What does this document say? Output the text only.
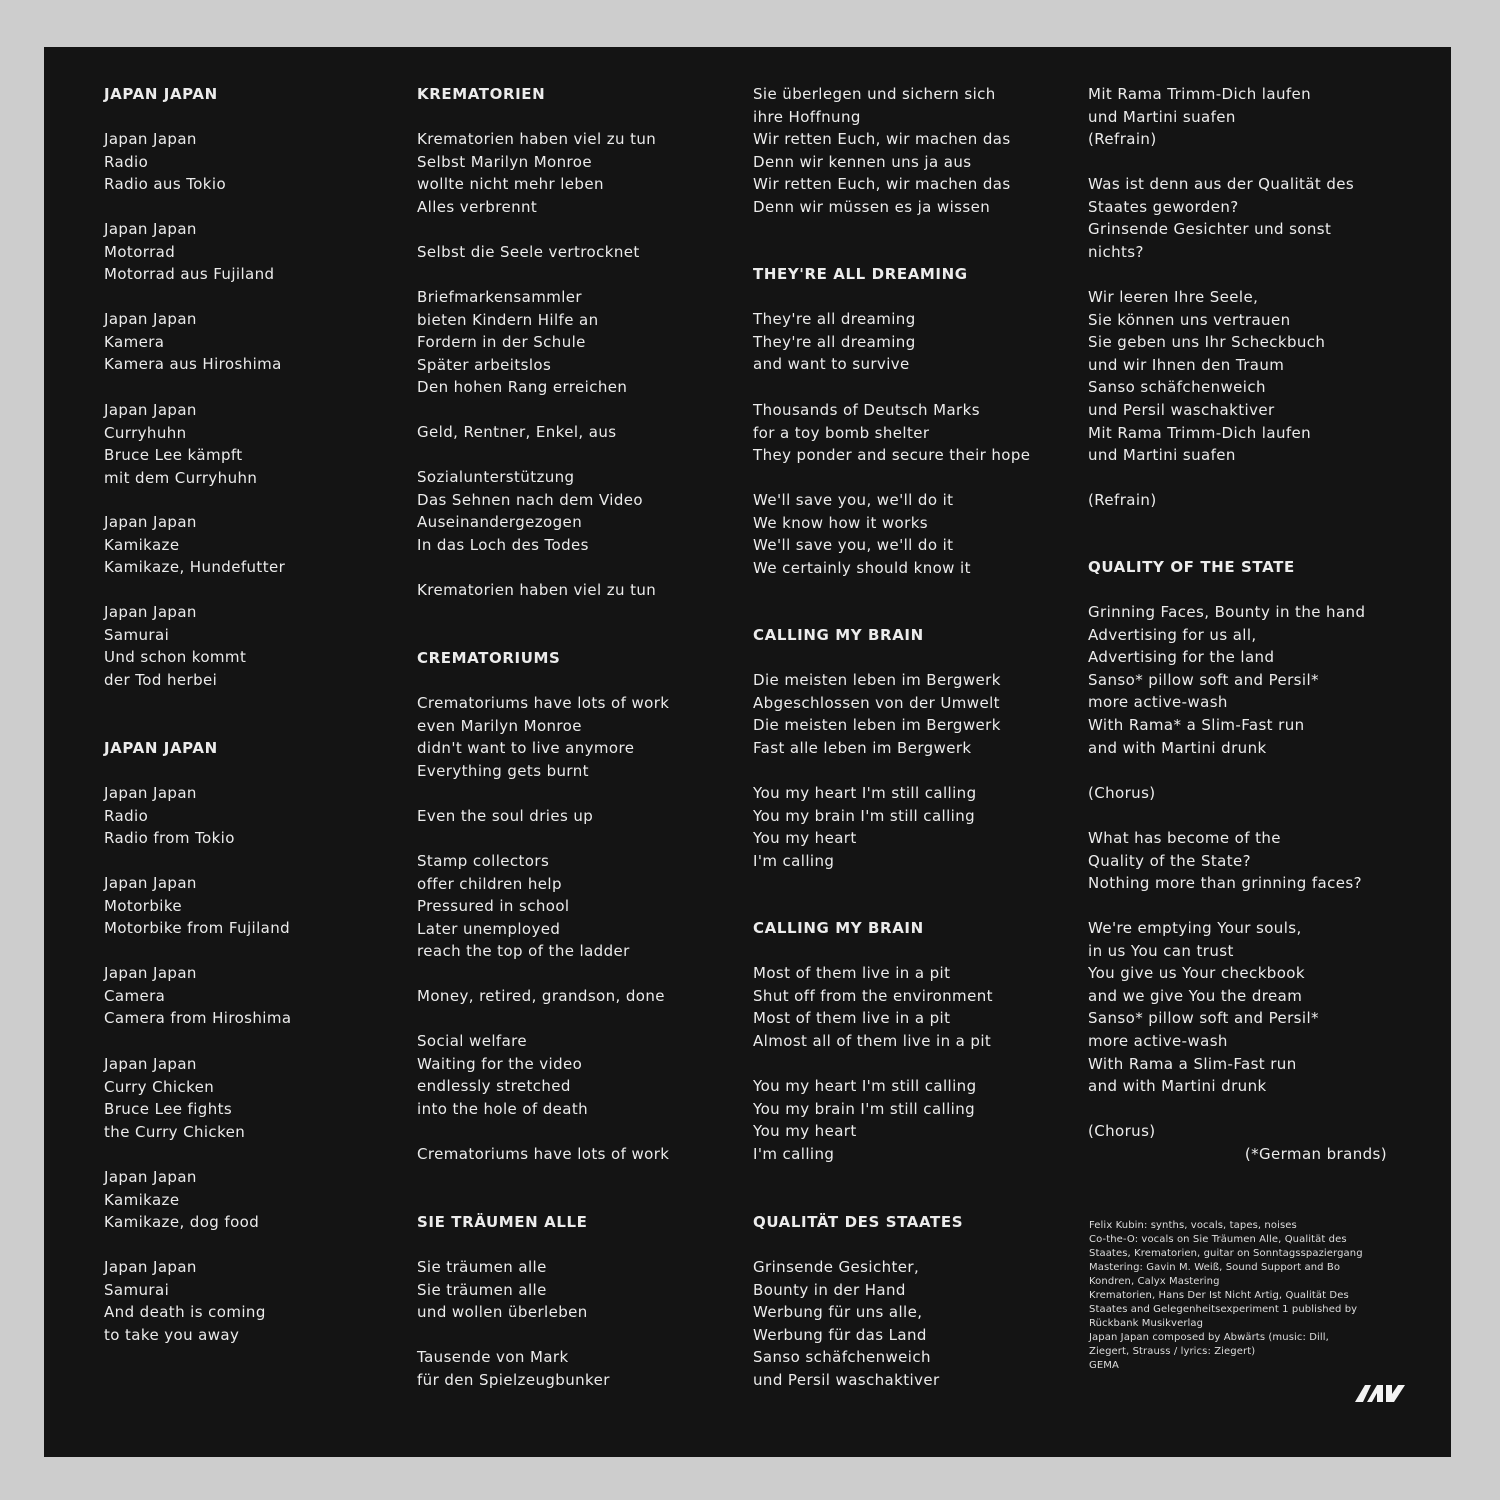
JAPAN JAPAN
Japan Japan
Radio
Radio aus Tokio
Japan Japan
Motorrad
Motorrad aus Fujiland
Japan Japan
Kamera
Kamera aus Hiroshima
Japan Japan
Curryhuhn
Bruce Lee kämpft
mit dem Curryhuhn
Japan Japan
Kamikaze
Kamikaze, Hundefutter
Japan Japan
Samurai
Und schon kommt
der Tod herbei
JAPAN JAPAN
Japan Japan
Radio
Radio from Tokio
Japan Japan
Motorbike
Motorbike from Fujiland
Japan Japan
Camera
Camera from Hiroshima
Japan Japan
Curry Chicken
Bruce Lee fights
the Curry Chicken
Japan Japan
Kamikaze
Kamikaze, dog food
Japan Japan
Samurai
And death is coming
to take you away
KREMATORIEN
Krematorien haben viel zu tun
Selbst Marilyn Monroe
wollte nicht mehr leben
Alles verbrennt
Selbst die Seele vertrocknet
Briefmarkensammler
bieten Kindern Hilfe an
Fordern in der Schule
Später arbeitslos
Den hohen Rang erreichen
Geld, Rentner, Enkel, aus
Sozialunterstützung
Das Sehnen nach dem Video
Auseinandergezogen
In das Loch des Todes
Krematorien haben viel zu tun
CREMATORIUMS
Crematoriums have lots of work
even Marilyn Monroe
didn't want to live anymore
Everything gets burnt
Even the soul dries up
Stamp collectors
offer children help
Pressured in school
Later unemployed
reach the top of the ladder
Money, retired, grandson, done
Social welfare
Waiting for the video
endlessly stretched
into the hole of death
Crematoriums have lots of work
SIE TRÄUMEN ALLE
Sie träumen alle
Sie träumen alle
und wollen überleben
Tausende von Mark
für den Spielzeugbunker
Sie überlegen und sichern sich
ihre Hoffnung
Wir retten Euch, wir machen das
Denn wir kennen uns ja aus
Wir retten Euch, wir machen das
Denn wir müssen es ja wissen
THEY'RE ALL DREAMING
They're all dreaming
They're all dreaming
and want to survive
Thousands of Deutsch Marks
for a toy bomb shelter
They ponder and secure their hope
We'll save you, we'll do it
We know how it works
We'll save you, we'll do it
We certainly should know it
CALLING MY BRAIN
Die meisten leben im Bergwerk
Abgeschlossen von der Umwelt
Die meisten leben im Bergwerk
Fast alle leben im Bergwerk
You my heart I'm still calling
You my brain I'm still calling
You my heart
I'm calling
CALLING MY BRAIN
Most of them live in a pit
Shut off from the environment
Most of them live in a pit
Almost all of them live in a pit
You my heart I'm still calling
You my brain I'm still calling
You my heart
I'm calling
QUALITÄT DES STAATES
Grinsende Gesichter,
Bounty in der Hand
Werbung für uns alle,
Werbung für das Land
Sanso schäfchenweich
und Persil waschaktiver
Mit Rama Trimm-Dich laufen
und Martini suafen
(Refrain)
Was ist denn aus der Qualität des
Staates geworden?
Grinsende Gesichter und sonst
nichts?
Wir leeren Ihre Seele,
Sie können uns vertrauen
Sie geben uns Ihr Scheckbuch
und wir Ihnen den Traum
Sanso schäfchenweich
und Persil waschaktiver
Mit Rama Trimm-Dich laufen
und Martini suafen
(Refrain)
QUALITY OF THE STATE
Grinning Faces, Bounty in the hand
Advertising for us all,
Advertising for the land
Sanso* pillow soft and Persil*
more active-wash
With Rama* a Slim-Fast run
and with Martini drunk
(Chorus)
What has become of the
Quality of the State?
Nothing more than grinning faces?
We're emptying Your souls,
in us You can trust
You give us Your checkbook
and we give You the dream
Sanso* pillow soft and Persil*
more active-wash
With Rama a Slim-Fast run
and with Martini drunk
(Chorus)
(*German brands)
Felix Kubin: synths, vocals, tapes, noises
Co-the-O: vocals on Sie Träumen Alle, Qualität des
Staates, Krematorien, guitar on Sonntagsspaziergang
Mastering: Gavin M. Weiß, Sound Support and Bo
Kondren, Calyx Mastering
Krematorien, Hans Der Ist Nicht Artig, Qualität Des
Staates and Gelegenheitsexperiment 1 published by
Rückbank Musikverlag
Japan Japan composed by Abwärts (music: Dill,
Ziegert, Strauss / lyrics: Ziegert)
GEMA
